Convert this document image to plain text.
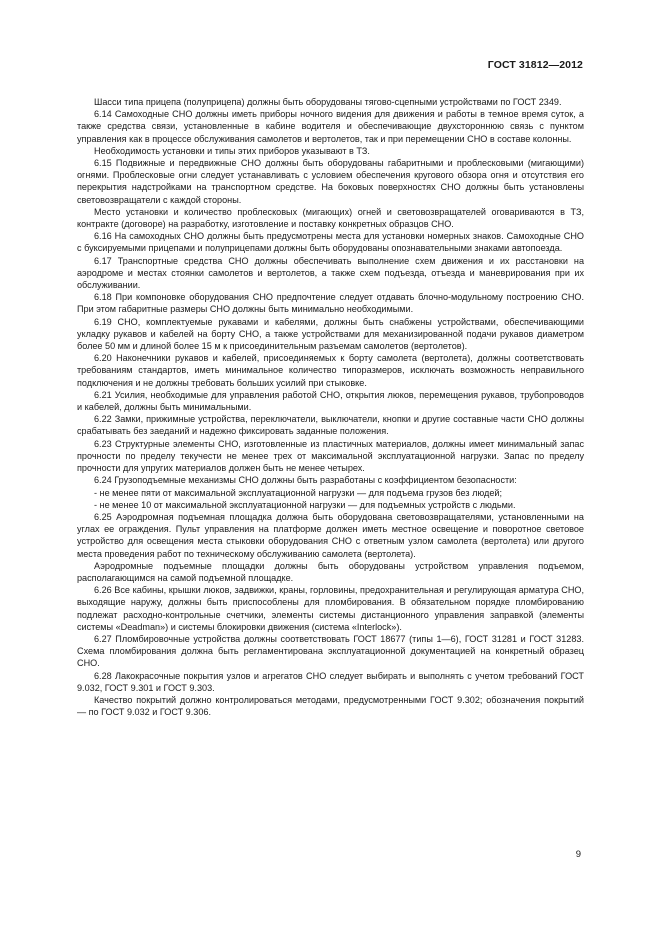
ГОСТ 31812—2012

Шасси типа прицепа (полуприцепа) должны быть оборудованы тягово-сцепными устройствами по ГОСТ 2349.

6.14 Самоходные СНО должны иметь приборы ночного видения для движения и работы в темное время суток, а также средства связи, установленные в кабине водителя и обеспечивающие двухстороннюю связь с пунктом управления как в процессе обслуживания самолетов и вертолетов, так и при перемещении СНО в составе колонны.

Необходимость установки и типы этих приборов указывают в ТЗ.

6.15 Подвижные и передвижные СНО должны быть оборудованы габаритными и проблесковыми (мигающими) огнями. Проблесковые огни следует устанавливать с условием обеспечения кругового обзора огня и отсутствия его перекрытия надстройками на транспортном средстве. На боковых поверхностях СНО должны быть установлены световозвращатели с каждой стороны.

Место установки и количество проблесковых (мигающих) огней и световозвращателей оговариваются в ТЗ, контракте (договоре) на разработку, изготовление и поставку конкретных образцов СНО.

6.16 На самоходных СНО должны быть предусмотрены места для установки номерных знаков. Самоходные СНО с буксируемыми прицепами и полуприцепами должны быть оборудованы опознавательными знаками автопоезда.

6.17 Транспортные средства СНО должны обеспечивать выполнение схем движения и их расстановки на аэродроме и местах стоянки самолетов и вертолетов, а также схем подъезда, отъезда и маневрирования при их обслуживании.

6.18 При компоновке оборудования СНО предпочтение следует отдавать блочно-модульному построению СНО. При этом габаритные размеры СНО должны быть минимально необходимыми.

6.19 СНО, комплектуемые рукавами и кабелями, должны быть снабжены устройствами, обеспечивающими укладку рукавов и кабелей на борту СНО, а также устройствами для механизированной подачи рукавов диаметром более 50 мм и длиной более 15 м к присоединительным разъемам самолетов (вертолетов).

6.20 Наконечники рукавов и кабелей, присоединяемых к борту самолета (вертолета), должны соответствовать требованиям стандартов, иметь минимальное количество типоразмеров, исключать возможность неправильного подключения и не должны требовать больших усилий при стыковке.

6.21 Усилия, необходимые для управления работой СНО, открытия люков, перемещения рукавов, трубопроводов и кабелей, должны быть минимальными.

6.22 Замки, прижимные устройства, переключатели, выключатели, кнопки и другие составные части СНО должны срабатывать без заеданий и надежно фиксировать заданные положения.

6.23 Структурные элементы СНО, изготовленные из пластичных материалов, должны имеет минимальный запас прочности по пределу текучести не менее трех от максимальной эксплуатационной нагрузки. Запас по пределу прочности для упругих материалов должен быть не менее четырех.

6.24 Грузоподъемные механизмы СНО должны быть разработаны с коэффициентом безопасности:

- не менее пяти от максимальной эксплуатационной нагрузки — для подъема грузов без людей;

- не менее 10 от максимальной эксплуатационной нагрузки — для подъемных устройств с людьми.

6.25 Аэродромная подъемная площадка должна быть оборудована световозвращателями, установленными на углах ее ограждения. Пульт управления на платформе должен иметь местное освещение и поворотное световое устройство для освещения места стыковки оборудования СНО с ответным узлом самолета (вертолета) или другого места проведения работ по техническому обслуживанию самолета (вертолета).

Аэродромные подъемные площадки должны быть оборудованы устройством управления подъемом, располагающимся на самой подъемной площадке.

6.26 Все кабины, крышки люков, задвижки, краны, горловины, предохранительная и регулирующая арматура СНО, выходящие наружу, должны быть приспособлены для пломбирования. В обязательном порядке пломбированию подлежат расходно-контрольные счетчики, элементы системы дистанционного управления заправкой (элементы системы «Deadman») и системы блокировки движения (система «Interlock»).

6.27 Пломбировочные устройства должны соответствовать ГОСТ 18677 (типы 1—6), ГОСТ 31281 и ГОСТ 31283. Схема пломбирования должна быть регламентирована эксплуатационной документацией на конкретный образец СНО.

6.28 Лакокрасочные покрытия узлов и агрегатов СНО следует выбирать и выполнять с учетом требований ГОСТ 9.032, ГОСТ 9.301 и ГОСТ 9.303.

Качество покрытий должно контролироваться методами, предусмотренными ГОСТ 9.302; обозначения покрытий — по ГОСТ 9.032 и ГОСТ 9.306.

9
